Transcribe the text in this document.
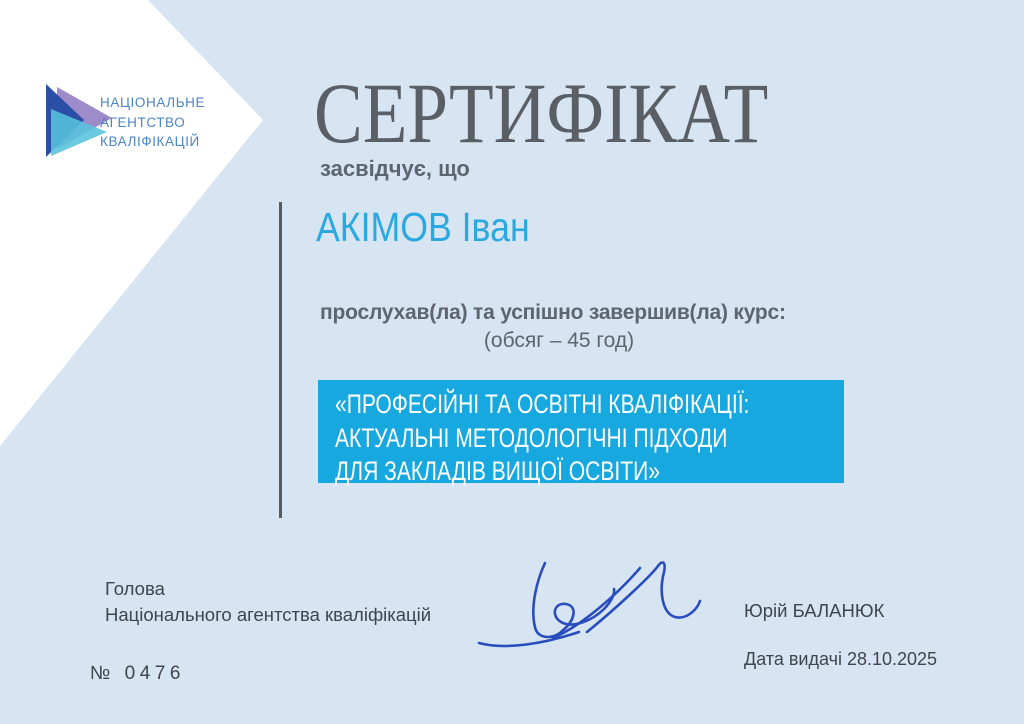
НАЦІОНАЛЬНЕ
АГЕНТСТВО
КВАЛІФІКАЦІЙ СЕРТИФІКАТ
засвідчує, що
АКІМОВ Іван
прослухав(ла) та успішно завершив(ла) курс:
(обсяг – 45 год)
«ПРОФЕСІЙНІ ТА ОСВІТНІ КВАЛІФІКАЦІЇ:
АКТУАЛЬНІ МЕТОДОЛОГІЧНІ ПІДХОДИ
ДЛЯ ЗАКЛАДІВ ВИЩОЇ ОСВІТИ»
Голова
Національного агентства кваліфікацій	Юрій БАЛАНЮК
Дата видачі 28.10.2025
№ 0476
